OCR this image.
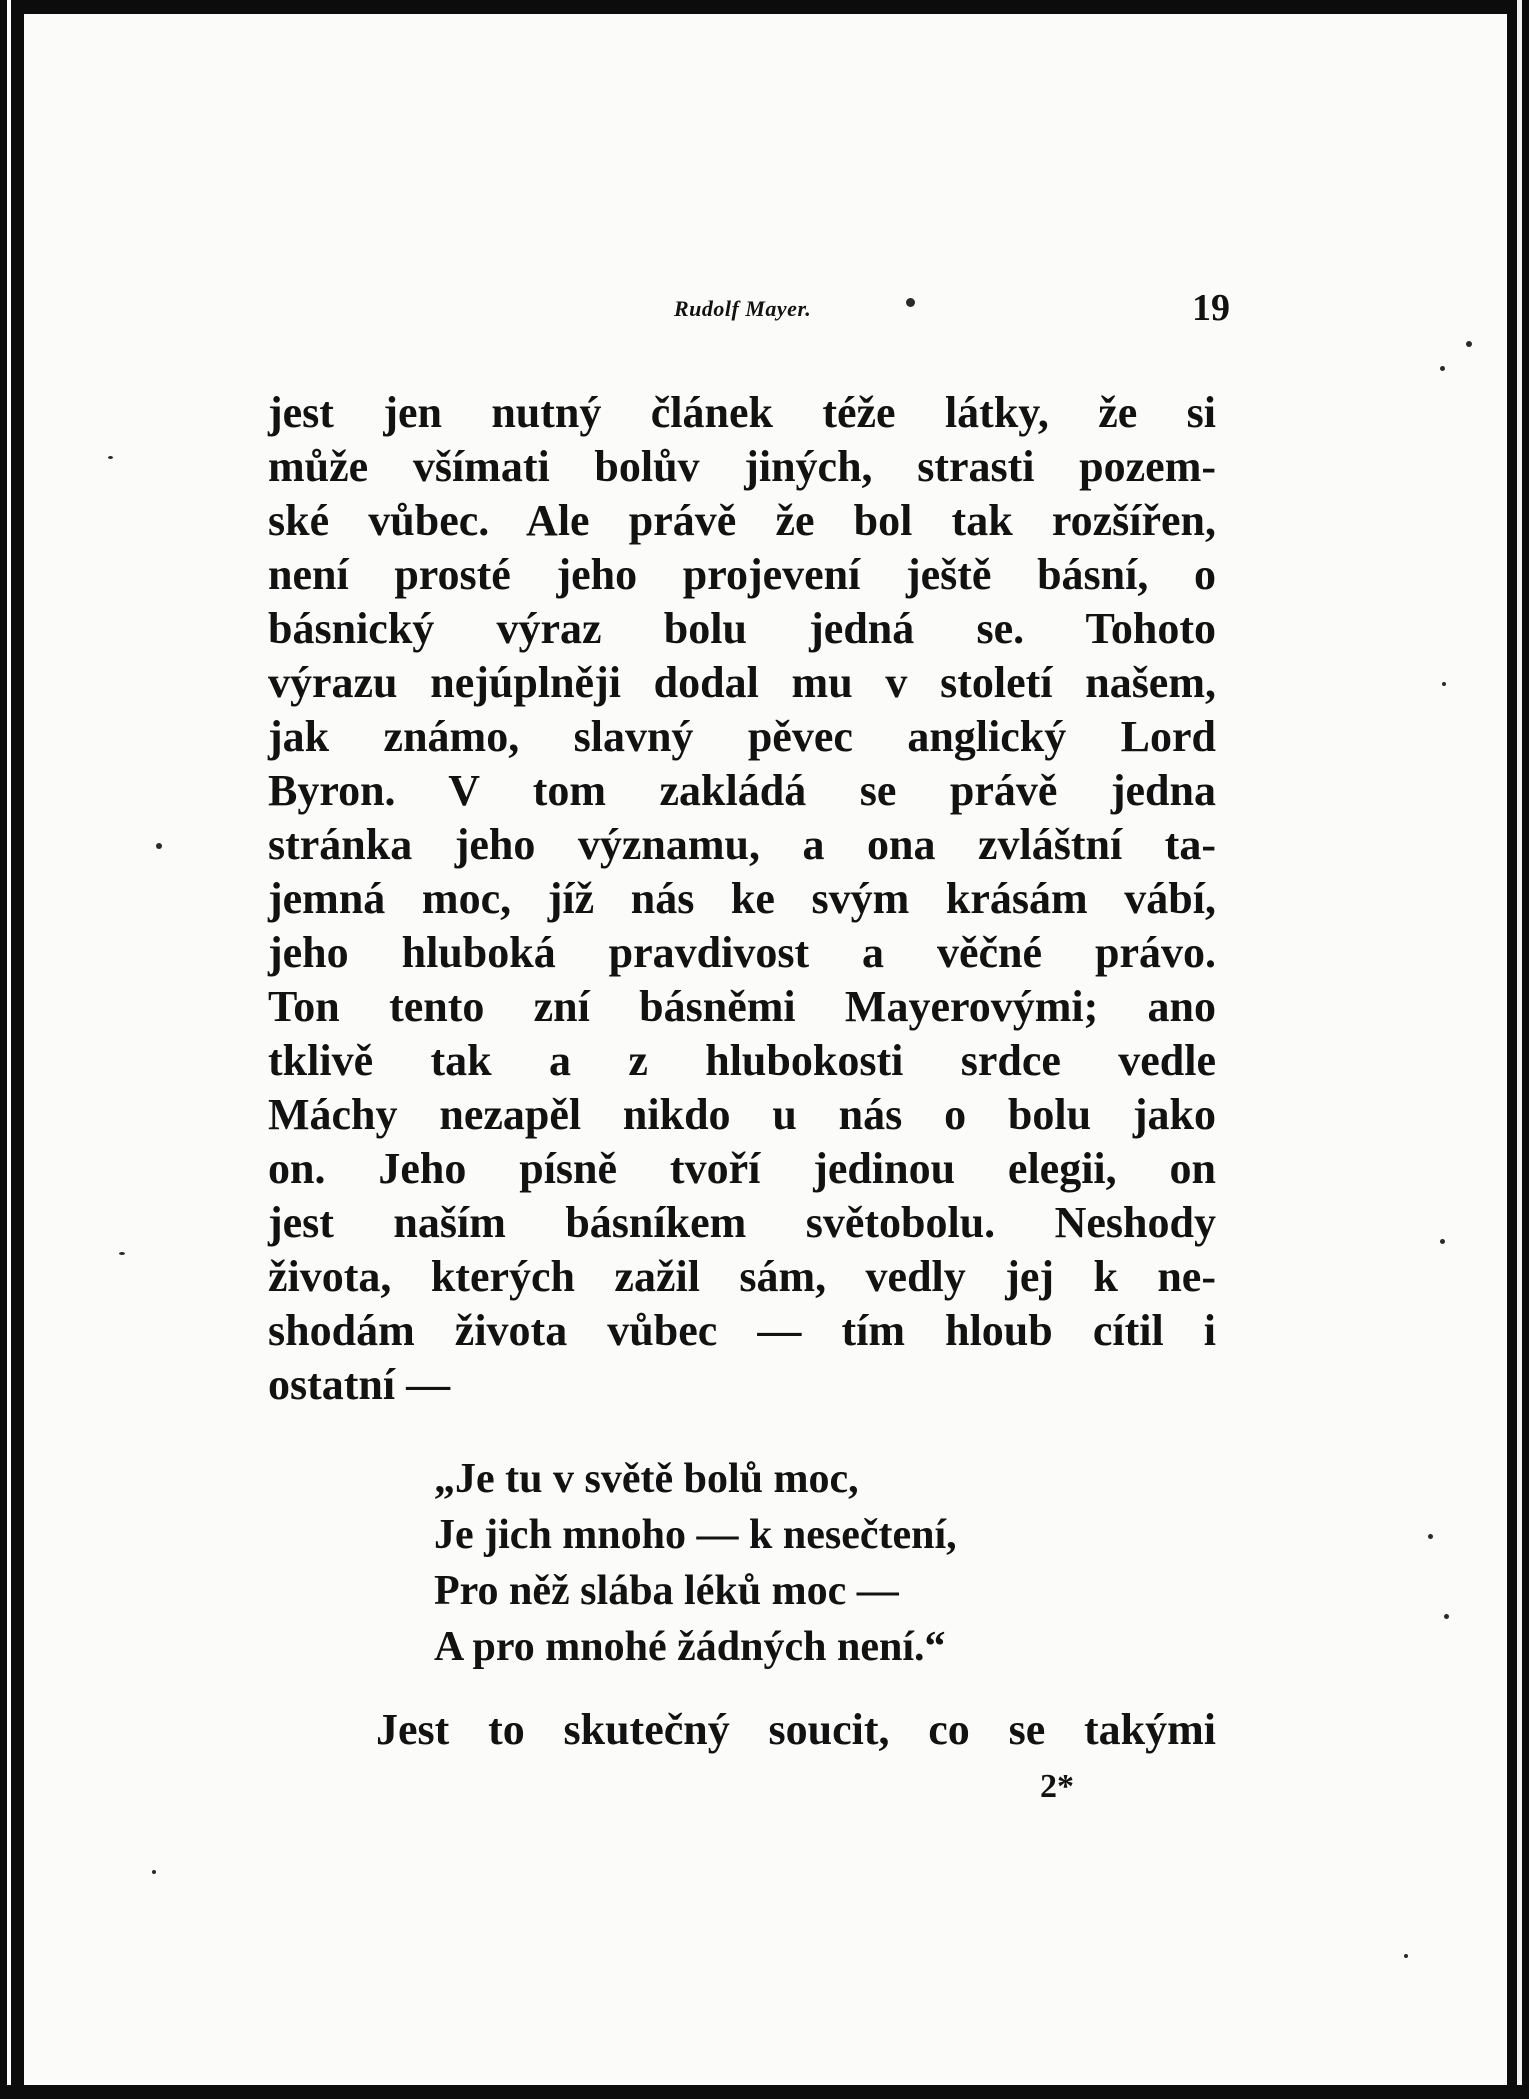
Rudolf Mayer.	19
jest jen nutný článek téže látky, že si
může všímati bolův jiných, strasti pozem-
ské vůbec. Ale právě že bol tak rozšířen,
není prosté jeho projevení ještě básní, o
básnický výraz bolu jedná se. Tohoto
výrazu nejúplněji dodal mu v století našem,
jak známo, slavný pěvec anglický Lord
Byron. V tom zakládá se právě jedna
stránka jeho významu, a ona zvláštní ta-
jemná moc, jíž nás ke svým krásám vábí,
jeho hluboká pravdivost a věčné právo.
Ton tento zní básněmi Mayerovými; ano
tklivě tak a z hlubokosti srdce vedle
Máchy nezapěl nikdo u nás o bolu jako
on. Jeho písně tvoří jedinou elegii, on
jest naším básníkem světobolu. Neshody
života, kterých zažil sám, vedly jej k ne-
shodám života vůbec — tím hloub cítil i
ostatní —
„Je tu v světě bolů moc,
Je jich mnoho — k nesečtení,
Pro něž slába léků moc —
A pro mnohé žádných není.“
Jest to skutečný soucit, co se takými
2*
